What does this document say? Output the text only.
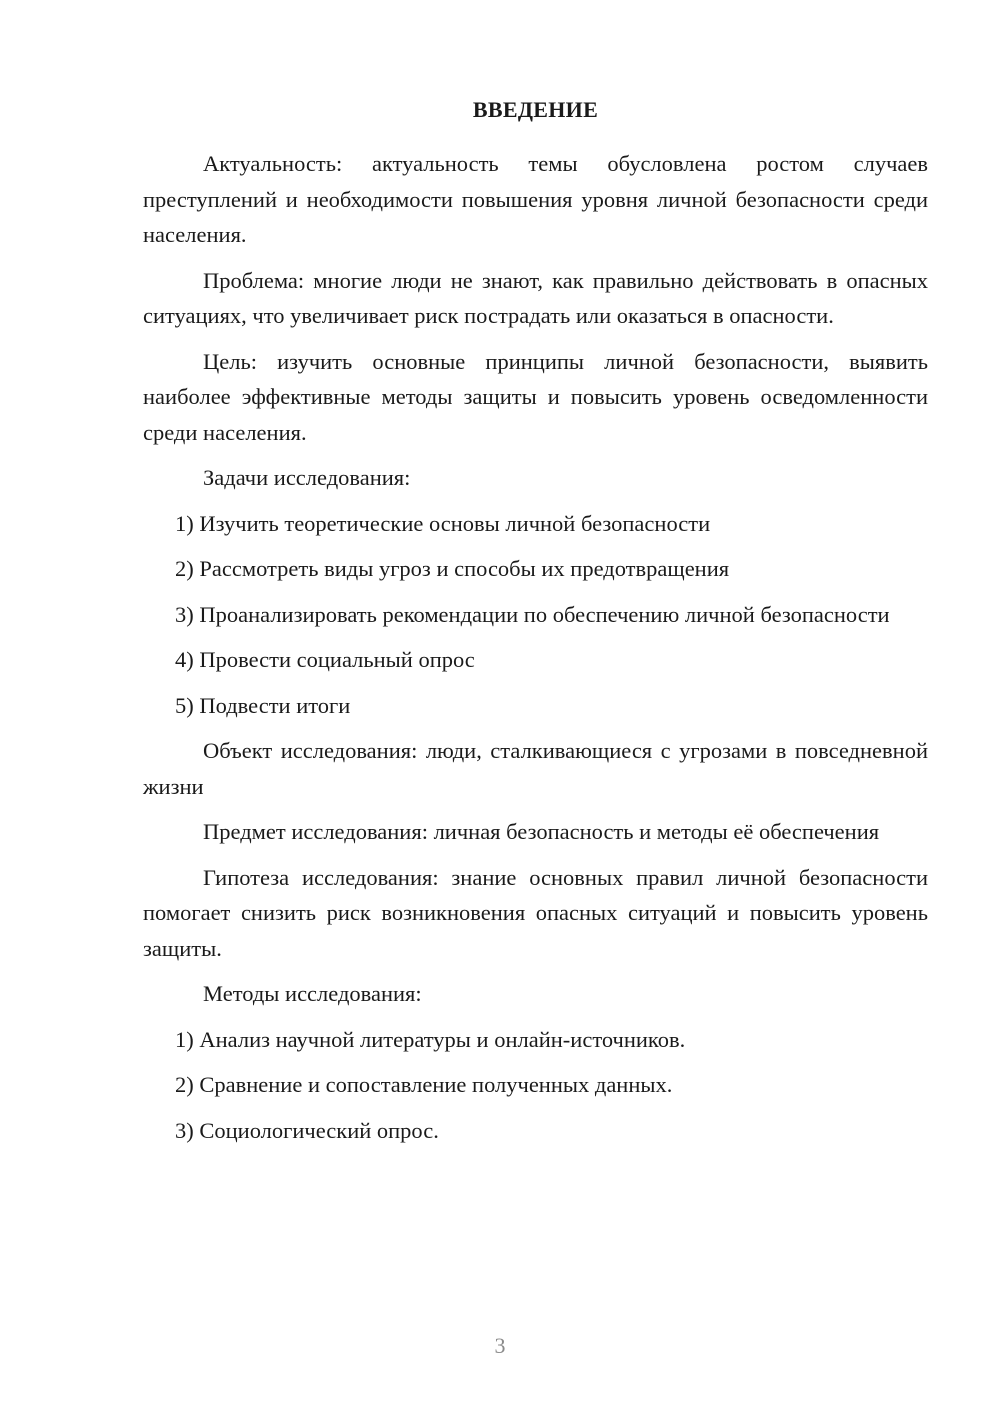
ВВЕДЕНИЕ

Актуальность: актуальность темы обусловлена ростом случаев преступлений и необходимости повышения уровня личной безопасности среди населения.

Проблема: многие люди не знают, как правильно действовать в опасных ситуациях, что увеличивает риск пострадать или оказаться в опасности.

Цель: изучить основные принципы личной безопасности, выявить наиболее эффективные методы защиты и повысить уровень осведомленности среди населения.

Задачи исследования:

1) Изучить теоретические основы личной безопасности

2) Рассмотреть виды угроз и способы их предотвращения

3) Проанализировать рекомендации по обеспечению личной безопасности

4) Провести социальный опрос

5) Подвести итоги

Объект исследования: люди, сталкивающиеся с угрозами в повседневной жизни

Предмет исследования: личная безопасность и методы её обеспечения

Гипотеза исследования: знание основных правил личной безопасности помогает снизить риск возникновения опасных ситуаций и повысить уровень защиты.

Методы исследования:

1) Анализ научной литературы и онлайн-источников.

2) Сравнение и сопоставление полученных данных.

3) Социологический опрос.

3
